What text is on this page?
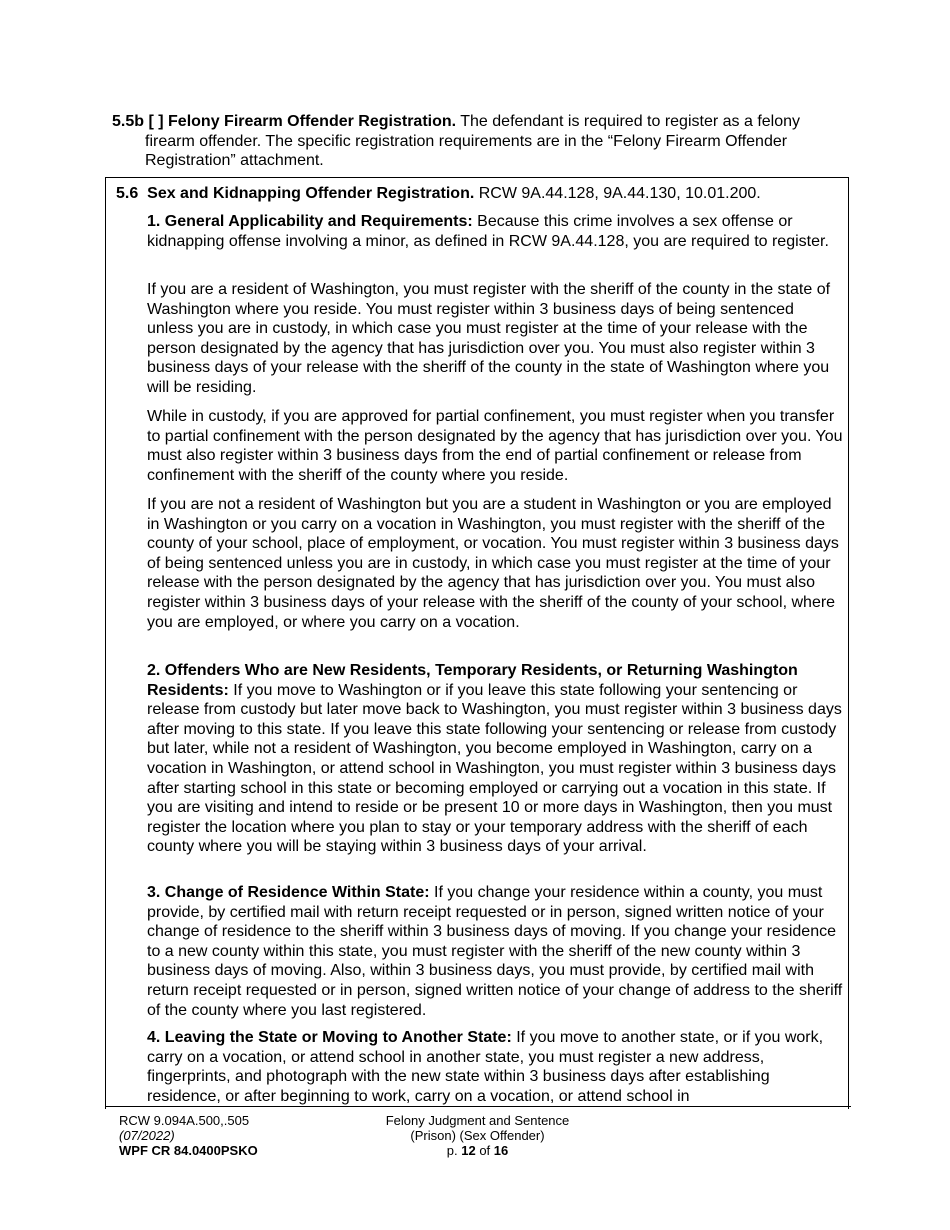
5.5b [ ] Felony Firearm Offender Registration. The defendant is required to register as a felony firearm offender. The specific registration requirements are in the “Felony Firearm Offender Registration” attachment.

5.6 Sex and Kidnapping Offender Registration. RCW 9A.44.128, 9A.44.130, 10.01.200.

1. General Applicability and Requirements: Because this crime involves a sex offense or kidnapping offense involving a minor, as defined in RCW 9A.44.128, you are required to register.

If you are a resident of Washington, you must register with the sheriff of the county in the state of Washington where you reside. You must register within 3 business days of being sentenced unless you are in custody, in which case you must register at the time of your release with the person designated by the agency that has jurisdiction over you. You must also register within 3 business days of your release with the sheriff of the county in the state of Washington where you will be residing.

While in custody, if you are approved for partial confinement, you must register when you transfer to partial confinement with the person designated by the agency that has jurisdiction over you. You must also register within 3 business days from the end of partial confinement or release from confinement with the sheriff of the county where you reside.

If you are not a resident of Washington but you are a student in Washington or you are employed in Washington or you carry on a vocation in Washington, you must register with the sheriff of the county of your school, place of employment, or vocation. You must register within 3 business days of being sentenced unless you are in custody, in which case you must register at the time of your release with the person designated by the agency that has jurisdiction over you. You must also register within 3 business days of your release with the sheriff of the county of your school, where you are employed, or where you carry on a vocation.

2. Offenders Who are New Residents, Temporary Residents, or Returning Washington Residents: If you move to Washington or if you leave this state following your sentencing or release from custody but later move back to Washington, you must register within 3 business days after moving to this state. If you leave this state following your sentencing or release from custody but later, while not a resident of Washington, you become employed in Washington, carry on a vocation in Washington, or attend school in Washington, you must register within 3 business days after starting school in this state or becoming employed or carrying out a vocation in this state. If you are visiting and intend to reside or be present 10 or more days in Washington, then you must register the location where you plan to stay or your temporary address with the sheriff of each county where you will be staying within 3 business days of your arrival.

3. Change of Residence Within State: If you change your residence within a county, you must provide, by certified mail with return receipt requested or in person, signed written notice of your change of residence to the sheriff within 3 business days of moving. If you change your residence to a new county within this state, you must register with the sheriff of the new county within 3 business days of moving. Also, within 3 business days, you must provide, by certified mail with return receipt requested or in person, signed written notice of your change of address to the sheriff of the county where you last registered.

4. Leaving the State or Moving to Another State: If you move to another state, or if you work, carry on a vocation, or attend school in another state, you must register a new address, fingerprints, and photograph with the new state within 3 business days after establishing residence, or after beginning to work, carry on a vocation, or attend school in

RCW 9.094A.500,.505
(07/2022)
WPF CR 84.0400PSKO
Felony Judgment and Sentence
(Prison) (Sex Offender)
p. 12 of 16
